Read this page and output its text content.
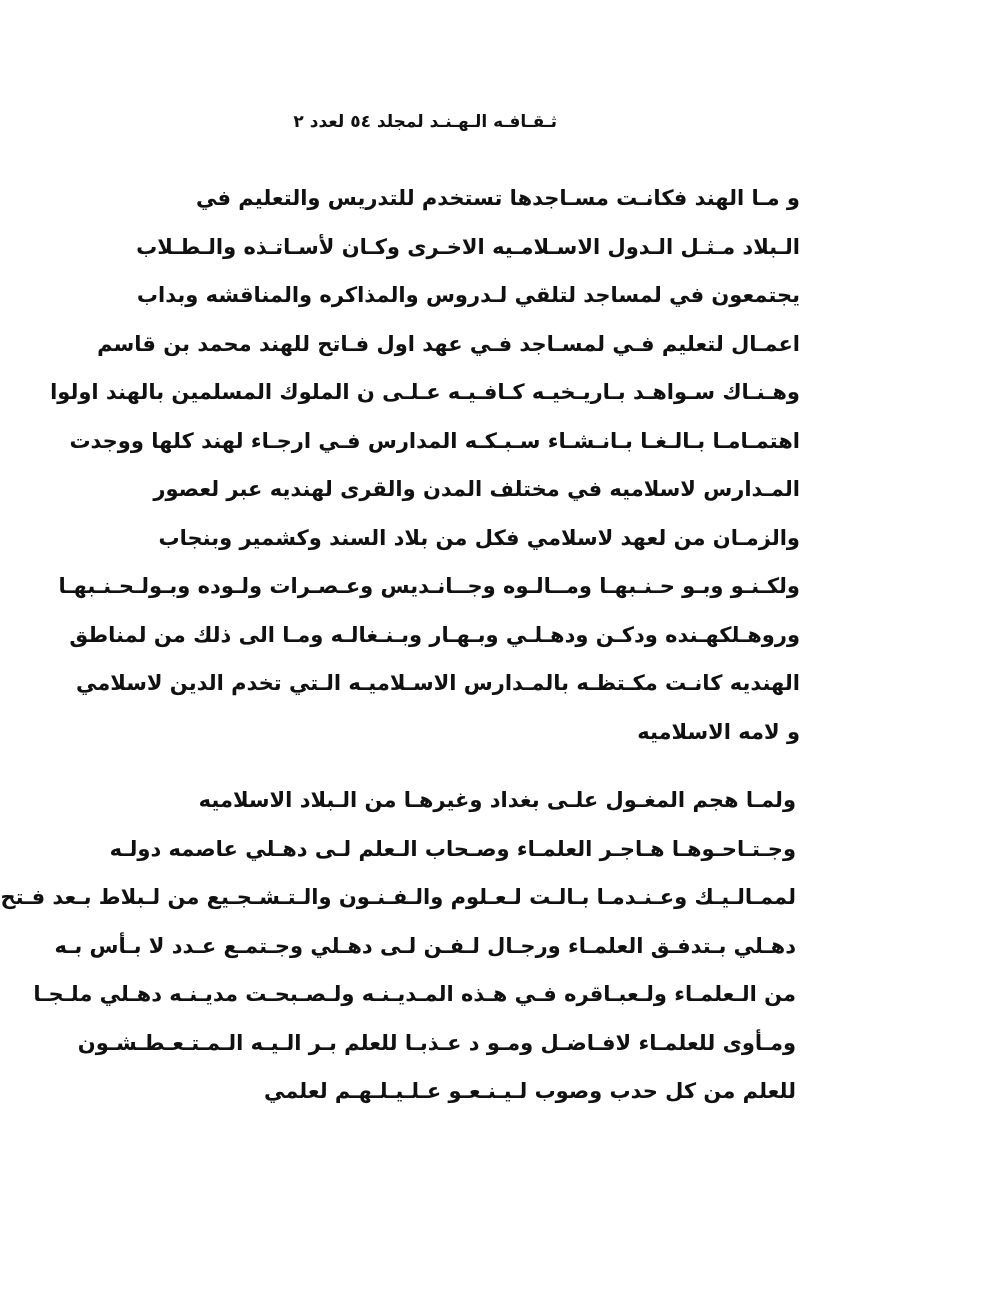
ثـقـافـه الـهـنـد لمجلد ٥٤ لعدد ٢

و مـا الهند فكانـت مسـاجدها تستخدم للتدريس والتعليم في
الـبلاد مـثـل الـدول الاسـلامـيه الاخـرى وكـان لأسـاتـذه والـطـلاب
يجتمعون في لمساجد لتلقي لـدروس والمذاكره والمناقشه وبداب
اعمـال لتعليم فـي لمسـاجد فـي عهد اول فـاتح للهند محمد بن قاسم
وهـنـاك سـواهـد بـاريـخيـه كـافـيـه عـلـى ن الملوك المسلمين بالهند اولوا
اهتمـامـا بـالـغـا بـانـشـاء سـبـكـه المدارس فـي ارجـاء لهند كلها ووجدت
المـدارس لاسلاميه في مختلف المدن والقرى لهنديه عبر لعصور
والزمـان من لعهد لاسلامي فكل من بلاد السند وكشمير وبنجاب
ولكـنـو وبـو حـنـبهـا ومــالـوه وجــانـديس وعـصـرات ولـوده وبـولـحـنـبهـا
وروهـلكهـنده ودكـن ودهـلـي وبـهـار وبـنـغالـه ومـا الى ذلك من لمناطق
الهنديه كانـت مكـتظـه بالمـدارس الاسـلاميـه الـتي تخدم الدين لاسلامي
و لامه الاسلاميه

ولمـا هجم المغـول علـى بغداد وغيرهـا من الـبلاد الاسلاميه
وجـتـاحـوهـا هـاجـر العلمـاء وصـحاب الـعلم لـى دهـلي عاصمه دولـه
لممـالـيـك وعـنـدمـا بـالـت لـعـلوم والـفـنـون والـتـشـجـيع من لـبلاط بـعد فـتح
دهـلي بـتدفـق العلمـاء ورجـال لـفـن لـى دهـلي وجـتمـع عـدد لا بـأس بـه
من الـعلمـاء ولـعبـاقره فـي هـذه المـديـنـه ولـصـبحـت مديـنـه دهـلي ملـجـا
ومـأوى للعلمـاء لافـاضـل ومـو د عـذبـا للعلم بـر الـيـه الـمـتـعـطـشـون
للعلم من كل حدب وصوب لـيـنـعـو عـلـيـلـهـم لعلمي
